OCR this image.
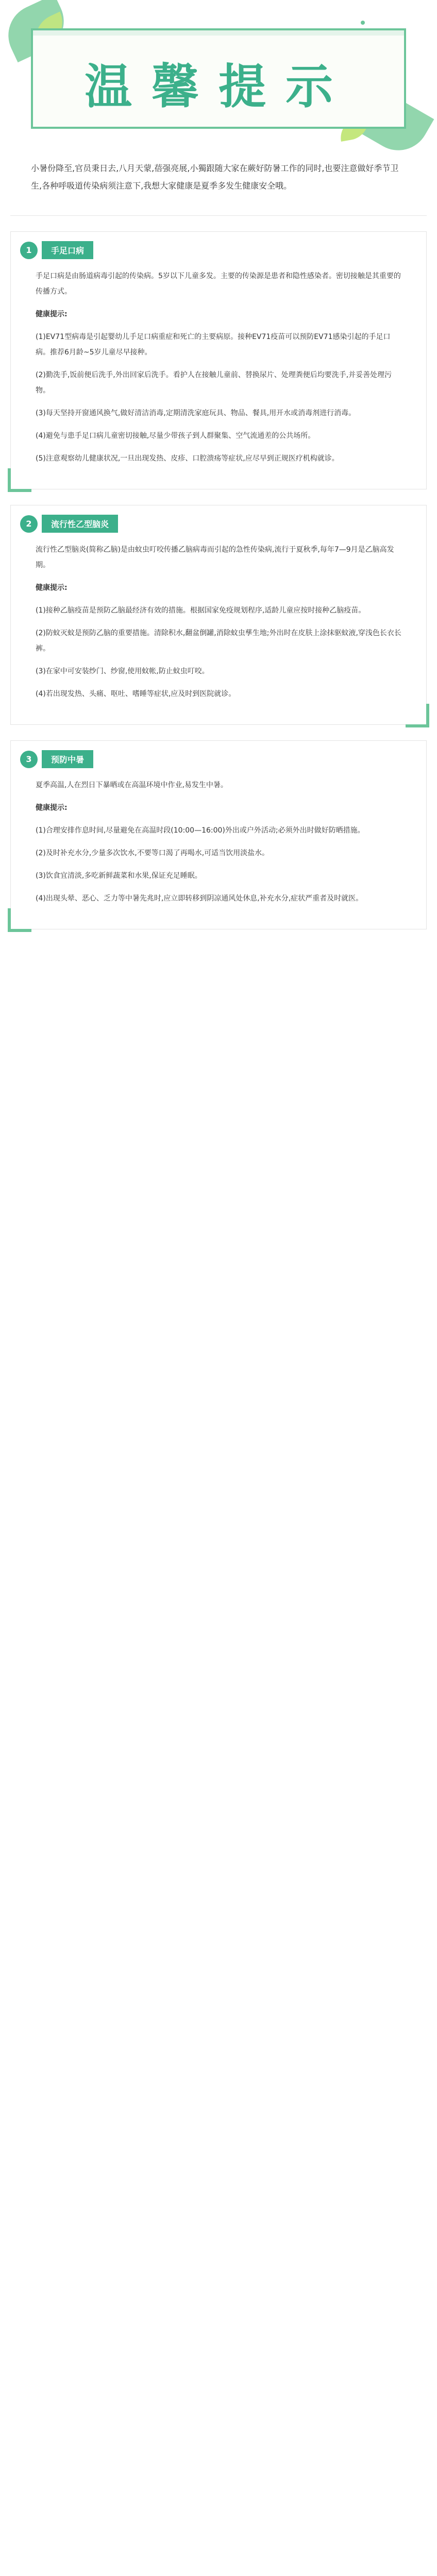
温馨提示
小暑份降至,官员秉日去,八月天蒙,蓓强亮展,小獨跟随大家在蕨好防暑工作的同时,也要注意做好季节卫生,各种呼吸道传染病须注意下,我想大家健康是夏季多发生健康安全哦。
1	手足口病

手足口病是由肠道病毒引起的传染病。5岁以下儿童多发。主要的传染源是患者和隐性感染者。密切接触是其重要的传播方式。

健康提示:

(1)EV71型病毒是引起婴幼儿手足口病重症和死亡的主要病原。接种EV71疫苗可以预防EV71感染引起的手足口病。推荐6月龄~5岁儿童尽早接种。

(2)勤洗手,饭前便后洗手,外出回家后洗手。看护人在接触儿童前、替换尿片、处理粪便后均要洗手,并妥善处理污物。

(3)每天坚持开窗通风换气,做好清洁消毒,定期清洗家庭玩具、物品、餐具,用开水或消毒剂进行消毒。

(4)避免与患手足口病儿童密切接触,尽量少带孩子到人群聚集、空气流通差的公共场所。

(5)注意观察幼儿健康状况,一旦出现发热、皮疹、口腔溃疡等症状,应尽早到正规医疗机构就诊。

2	流行性乙型脑炎

流行性乙型脑炎(简称乙脑)是由蚊虫叮咬传播乙脑病毒而引起的急性传染病,流行于夏秋季,每年7—9月是乙脑高发期。

健康提示:

(1)接种乙脑疫苗是预防乙脑最经济有效的措施。根据国家免疫规划程序,适龄儿童应按时接种乙脑疫苗。

(2)防蚊灭蚊是预防乙脑的重要措施。清除积水,翻盆倒罐,消除蚊虫孳生地;外出时在皮肤上涂抹驱蚊液,穿浅色长衣长裤。

(3)在家中可安装纱门、纱窗,使用蚊帐,防止蚊虫叮咬。

(4)若出现发热、头痛、呕吐、嗜睡等症状,应及时到医院就诊。

3	预防中暑

夏季高温,人在烈日下暴晒或在高温环境中作业,易发生中暑。

健康提示:

(1)合理安排作息时间,尽量避免在高温时段(10:00—16:00)外出或户外活动;必须外出时做好防晒措施。

(2)及时补充水分,少量多次饮水,不要等口渴了再喝水,可适当饮用淡盐水。

(3)饮食宜清淡,多吃新鲜蔬菜和水果,保证充足睡眠。

(4)出现头晕、恶心、乏力等中暑先兆时,应立即转移到阴凉通风处休息,补充水分,症状严重者及时就医。
